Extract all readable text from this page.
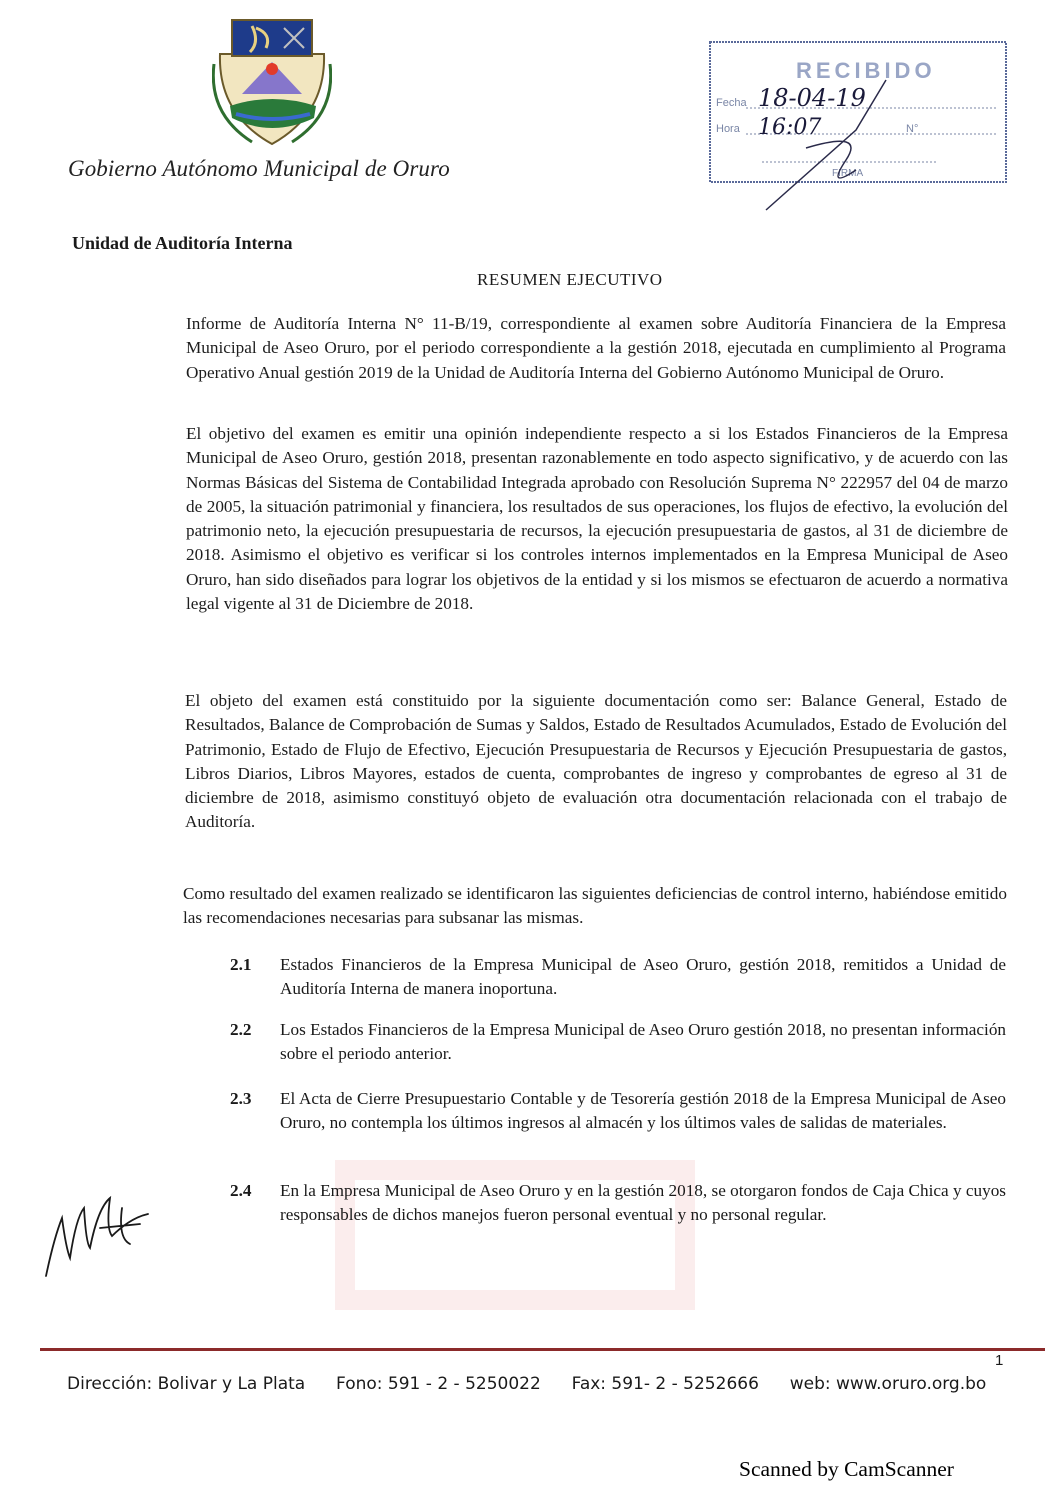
Gobierno Autónomo Municipal de Oruro
RECIBIDO
Fecha 18-04-19
Hora 16:07	N°
FIRMA
Unidad de Auditoría Interna
RESUMEN EJECUTIVO

Informe de Auditoría Interna N° 11-B/19, correspondiente al examen sobre Auditoría Financiera de la Empresa Municipal de Aseo Oruro, por el periodo correspondiente a la gestión 2018, ejecutada en cumplimiento al Programa Operativo Anual gestión 2019 de la Unidad de Auditoría Interna del Gobierno Autónomo Municipal de Oruro.

El objetivo del examen es emitir una opinión independiente respecto a si los Estados Financieros de la Empresa Municipal de Aseo Oruro, gestión 2018, presentan razonablemente en todo aspecto significativo, y de acuerdo con las Normas Básicas del Sistema de Contabilidad Integrada aprobado con Resolución Suprema N° 222957 del 04 de marzo de 2005, la situación patrimonial y financiera, los resultados de sus operaciones, los flujos de efectivo, la evolución del patrimonio neto, la ejecución presupuestaria de recursos, la ejecución presupuestaria de gastos, al 31 de diciembre de 2018. Asimismo el objetivo es verificar si los controles internos implementados en la Empresa Municipal de Aseo Oruro, han sido diseñados para lograr los objetivos de la entidad y si los mismos se efectuaron de acuerdo a normativa legal vigente al 31 de Diciembre de 2018.

El objeto del examen está constituido por la siguiente documentación como ser: Balance General, Estado de Resultados, Balance de Comprobación de Sumas y Saldos, Estado de Resultados Acumulados, Estado de Evolución del Patrimonio, Estado de Flujo de Efectivo, Ejecución Presupuestaria de Recursos y Ejecución Presupuestaria de gastos, Libros Diarios, Libros Mayores, estados de cuenta, comprobantes de ingreso y comprobantes de egreso al 31 de diciembre de 2018, asimismo constituyó objeto de evaluación otra documentación relacionada con el trabajo de Auditoría.

Como resultado del examen realizado se identificaron las siguientes deficiencias de control interno, habiéndose emitido las recomendaciones necesarias para subsanar las mismas.

2.1	Estados Financieros de la Empresa Municipal de Aseo Oruro, gestión 2018, remitidos a Unidad de Auditoría Interna de manera inoportuna.
2.2	Los Estados Financieros de la Empresa Municipal de Aseo Oruro gestión 2018, no presentan información sobre el periodo anterior.
2.3	El Acta de Cierre Presupuestario Contable y de Tesorería gestión 2018 de la Empresa Municipal de Aseo Oruro, no contempla los últimos ingresos al almacén y los últimos vales de salidas de materiales.
2.4	En la Empresa Municipal de Aseo Oruro y en la gestión 2018, se otorgaron fondos de Caja Chica y cuyos responsables de dichos manejos fueron personal eventual y no personal regular.
1
Dirección: Bolivar y La Plata Fono: 591 - 2 - 5250022 Fax: 591- 2 - 5252666 web: www.oruro.org.bo
Scanned by CamScanner
